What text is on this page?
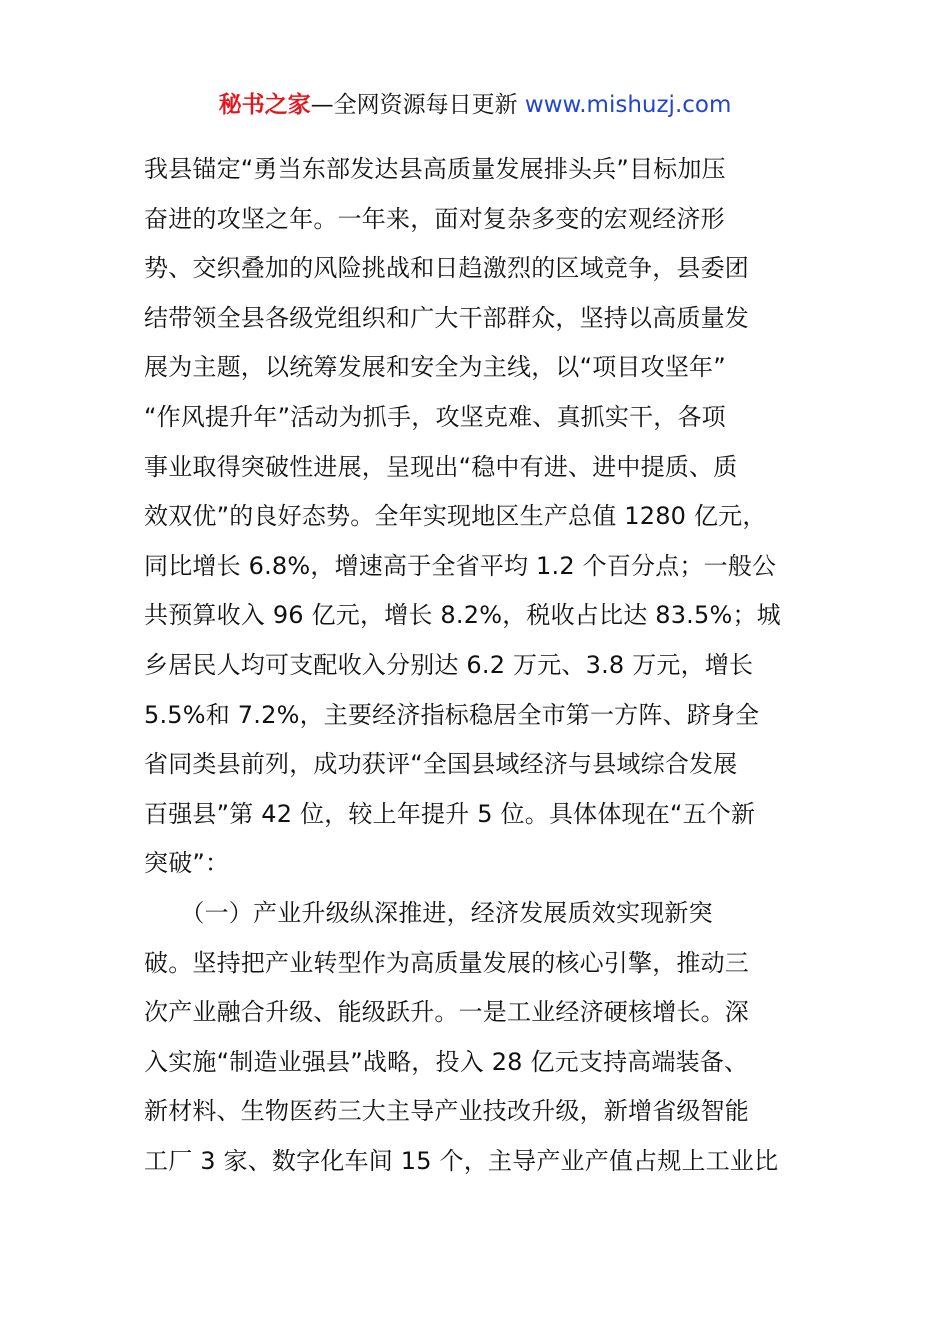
秘书之家—全网资源每日更新 www.mishuzj.com
我县锚定“勇当东部发达县高质量发展排头兵”目标加压
奋进的攻坚之年。一年来，面对复杂多变的宏观经济形
势、交织叠加的风险挑战和日趋激烈的区域竞争，县委团
结带领全县各级党组织和广大干部群众，坚持以高质量发
展为主题，以统筹发展和安全为主线，以“项目攻坚年”
“作风提升年”活动为抓手，攻坚克难、真抓实干，各项
事业取得突破性进展，呈现出“稳中有进、进中提质、质
效双优”的良好态势。全年实现地区生产总值 1280 亿元，
同比增长 6.8%，增速高于全省平均 1.2 个百分点；一般公
共预算收入 96 亿元，增长 8.2%，税收占比达 83.5%；城
乡居民人均可支配收入分别达 6.2 万元、3.8 万元，增长
5.5%和 7.2%，主要经济指标稳居全市第一方阵、跻身全
省同类县前列，成功获评“全国县域经济与县域综合发展
百强县”第 42 位，较上年提升 5 位。具体体现在“五个新
突破”：
　　（一）产业升级纵深推进，经济发展质效实现新突
破。坚持把产业转型作为高质量发展的核心引擎，推动三
次产业融合升级、能级跃升。一是工业经济硬核增长。深
入实施“制造业强县”战略，投入 28 亿元支持高端装备、
新材料、生物医药三大主导产业技改升级，新增省级智能
工厂 3 家、数字化车间 15 个，主导产业产值占规上工业比
